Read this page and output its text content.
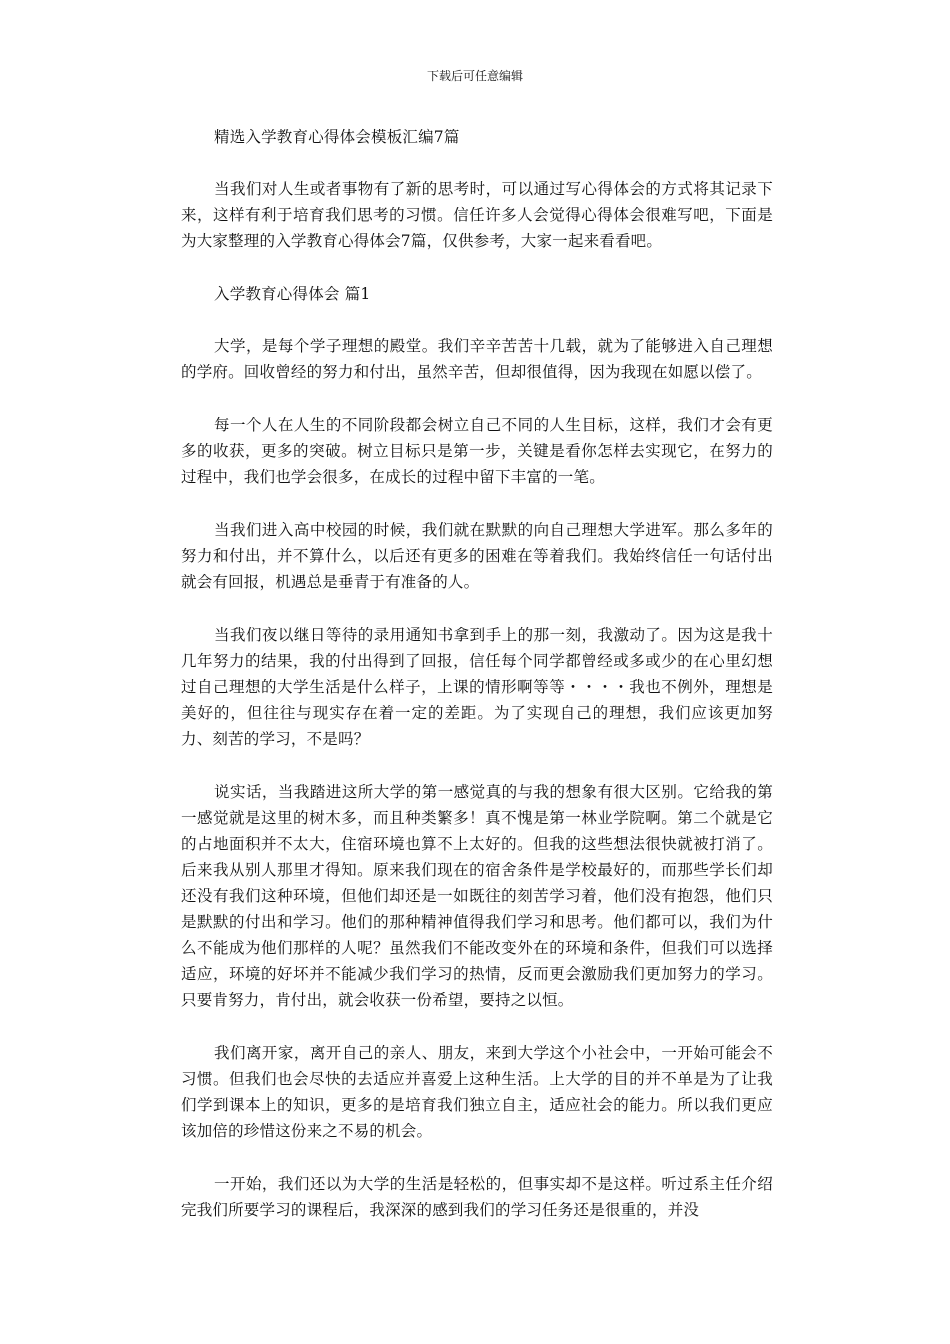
下载后可任意编辑

精选入学教育心得体会模板汇编7篇

当我们对人生或者事物有了新的思考时，可以通过写心得体会的方式将其记录下来，这样有利于培育我们思考的习惯。信任许多人会觉得心得体会很难写吧，下面是为大家整理的入学教育心得体会7篇，仅供参考，大家一起来看看吧。

入学教育心得体会 篇1

大学，是每个学子理想的殿堂。我们辛辛苦苦十几载，就为了能够进入自己理想的学府。回收曾经的努力和付出，虽然辛苦，但却很值得，因为我现在如愿以偿了。

每一个人在人生的不同阶段都会树立自己不同的人生目标，这样，我们才会有更多的收获，更多的突破。树立目标只是第一步，关键是看你怎样去实现它，在努力的过程中，我们也学会很多，在成长的过程中留下丰富的一笔。

当我们进入高中校园的时候，我们就在默默的向自己理想大学进军。那么多年的努力和付出，并不算什么，以后还有更多的困难在等着我们。我始终信任一句话付出就会有回报，机遇总是垂青于有准备的人。

当我们夜以继日等待的录用通知书拿到手上的那一刻，我激动了。因为这是我十几年努力的结果，我的付出得到了回报，信任每个同学都曾经或多或少的在心里幻想过自己理想的大学生活是什么样子，上课的情形啊等等・・・・我也不例外，理想是美好的，但往往与现实存在着一定的差距。为了实现自己的理想，我们应该更加努力、刻苦的学习，不是吗？

说实话，当我踏进这所大学的第一感觉真的与我的想象有很大区别。它给我的第一感觉就是这里的树木多，而且种类繁多！真不愧是第一林业学院啊。第二个就是它的占地面积并不太大，住宿环境也算不上太好的。但我的这些想法很快就被打消了。后来我从别人那里才得知。原来我们现在的宿舍条件是学校最好的，而那些学长们却还没有我们这种环境，但他们却还是一如既往的刻苦学习着，他们没有抱怨，他们只是默默的付出和学习。他们的那种精神值得我们学习和思考。他们都可以，我们为什么不能成为他们那样的人呢？虽然我们不能改变外在的环境和条件，但我们可以选择适应，环境的好坏并不能减少我们学习的热情，反而更会激励我们更加努力的学习。只要肯努力，肯付出，就会收获一份希望，要持之以恒。

我们离开家，离开自己的亲人、朋友，来到大学这个小社会中，一开始可能会不习惯。但我们也会尽快的去适应并喜爱上这种生活。上大学的目的并不单是为了让我们学到课本上的知识，更多的是培育我们独立自主，适应社会的能力。所以我们更应该加倍的珍惜这份来之不易的机会。

一开始，我们还以为大学的生活是轻松的，但事实却不是这样。听过系主任介绍完我们所要学习的课程后，我深深的感到我们的学习任务还是很重的，并没
